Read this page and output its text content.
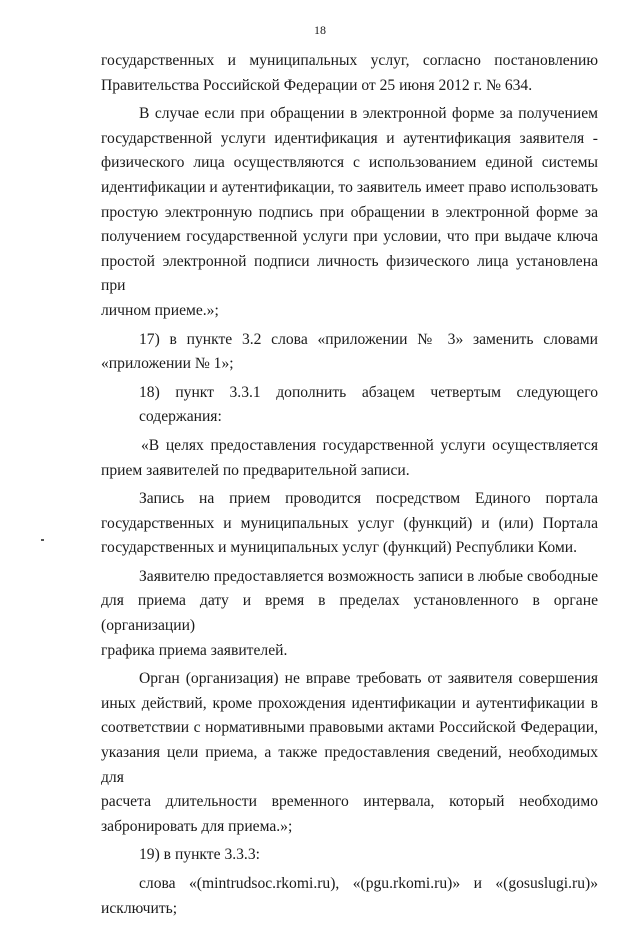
18
государственных и муниципальных услуг, согласно постановлению
Правительства Российской Федерации от 25 июня 2012 г. № 634.
В случае если при обращении в электронной форме за получением
государственной услуги идентификация и аутентификация заявителя -
физического лица осуществляются с использованием единой системы
идентификации и аутентификации, то заявитель имеет право использовать
простую электронную подпись при обращении в электронной форме за
получением государственной услуги при условии, что при выдаче ключа
простой электронной подписи личность физического лица установлена при
личном приеме.»;
17) в пункте 3.2 слова «приложении № 3» заменить словами
«приложении № 1»;
18) пункт 3.3.1 дополнить абзацем четвертым следующего содержания:
«В целях предоставления государственной услуги осуществляется
прием заявителей по предварительной записи.
Запись на прием проводится посредством Единого портала
государственных и муниципальных услуг (функций) и (или) Портала
государственных и муниципальных услуг (функций) Республики Коми.
Заявителю предоставляется возможность записи в любые свободные
для приема дату и время в пределах установленного в органе (организации)
графика приема заявителей.
Орган (организация) не вправе требовать от заявителя совершения
иных действий, кроме прохождения идентификации и аутентификации в
соответствии с нормативными правовыми актами Российской Федерации,
указания цели приема, а также предоставления сведений, необходимых для
расчета длительности временного интервала, который необходимо
забронировать для приема.»;
19) в пункте 3.3.3:
слова «(mintrudsoc.rkomi.ru), «(pgu.rkomi.ru)» и «(gosuslugi.ru)»
исключить;
